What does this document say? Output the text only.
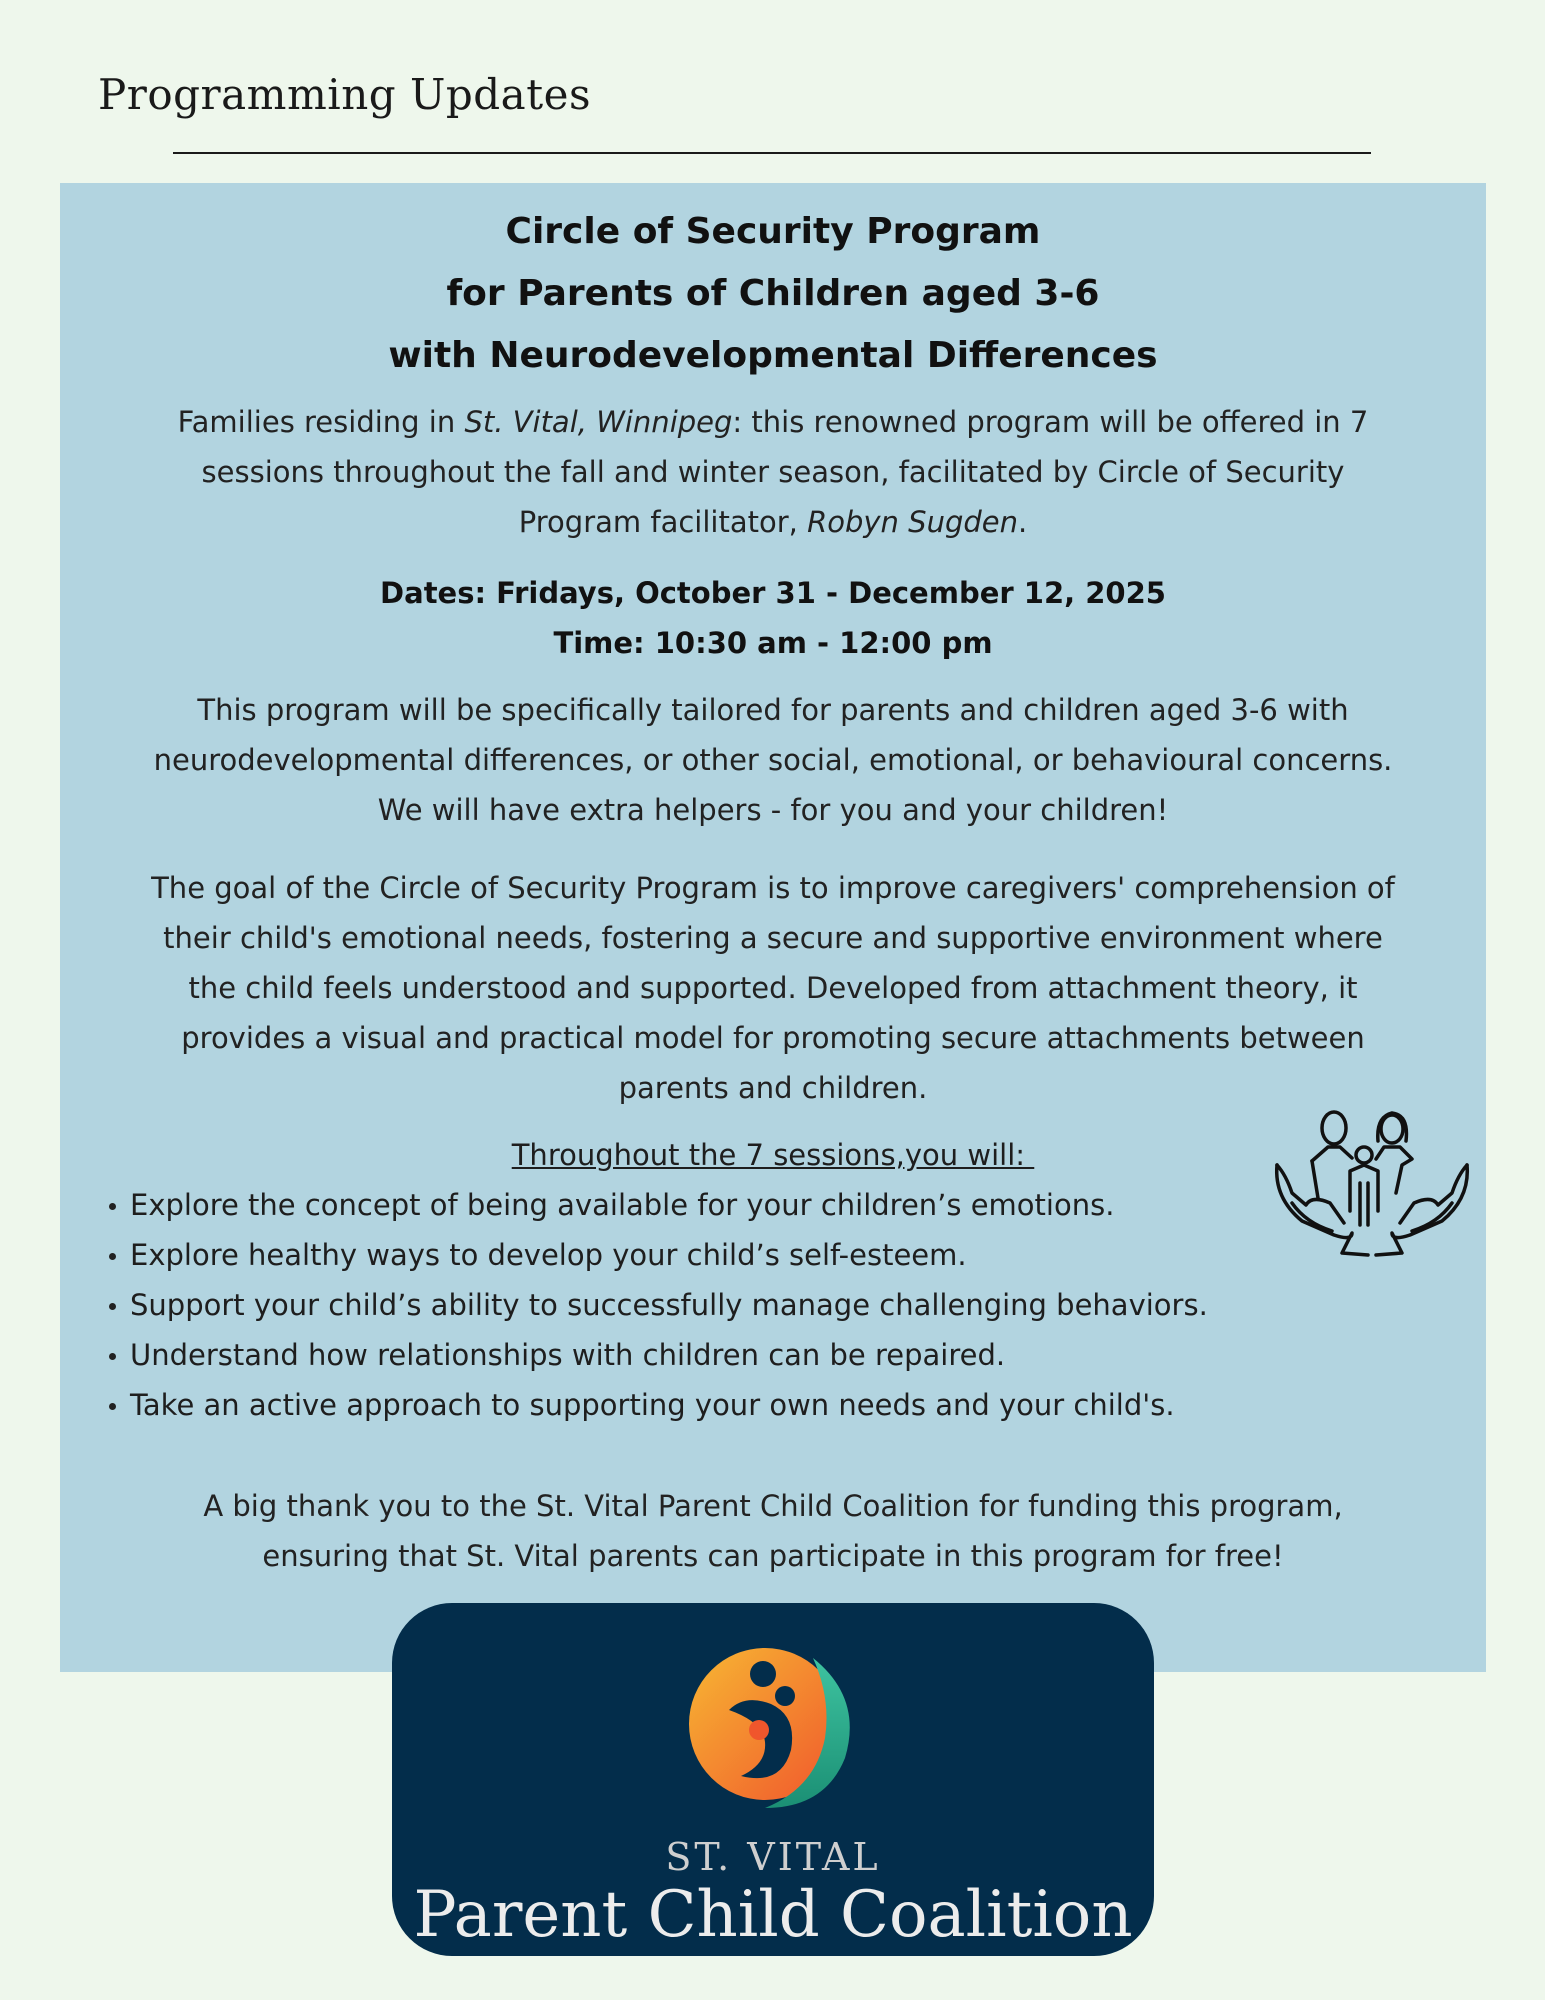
Programming Updates
Circle of Security Program
for Parents of Children aged 3-6
with Neurodevelopmental Differences
Families residing in St. Vital, Winnipeg: this renowned program will be offered in 7
sessions throughout the fall and winter season, facilitated by Circle of Security
Program facilitator, Robyn Sugden.
Dates: Fridays, October 31 - December 12, 2025
Time: 10:30 am - 12:00 pm
This program will be specifically tailored for parents and children aged 3-6 with
neurodevelopmental differences, or other social, emotional, or behavioural concerns.
We will have extra helpers - for you and your children!
The goal of the Circle of Security Program is to improve caregivers' comprehension of
their child's emotional needs, fostering a secure and supportive environment where
the child feels understood and supported. Developed from attachment theory, it
provides a visual and practical model for promoting secure attachments between
parents and children.
Throughout the 7 sessions,you will:
Explore the concept of being available for your children’s emotions.
Explore healthy ways to develop your child’s self-esteem.
Support your child’s ability to successfully manage challenging behaviors.
Understand how relationships with children can be repaired.
Take an active approach to supporting your own needs and your child's.
A big thank you to the St. Vital Parent Child Coalition for funding this program,
ensuring that St. Vital parents can participate in this program for free!
ST. VITAL
Parent Child Coalition
